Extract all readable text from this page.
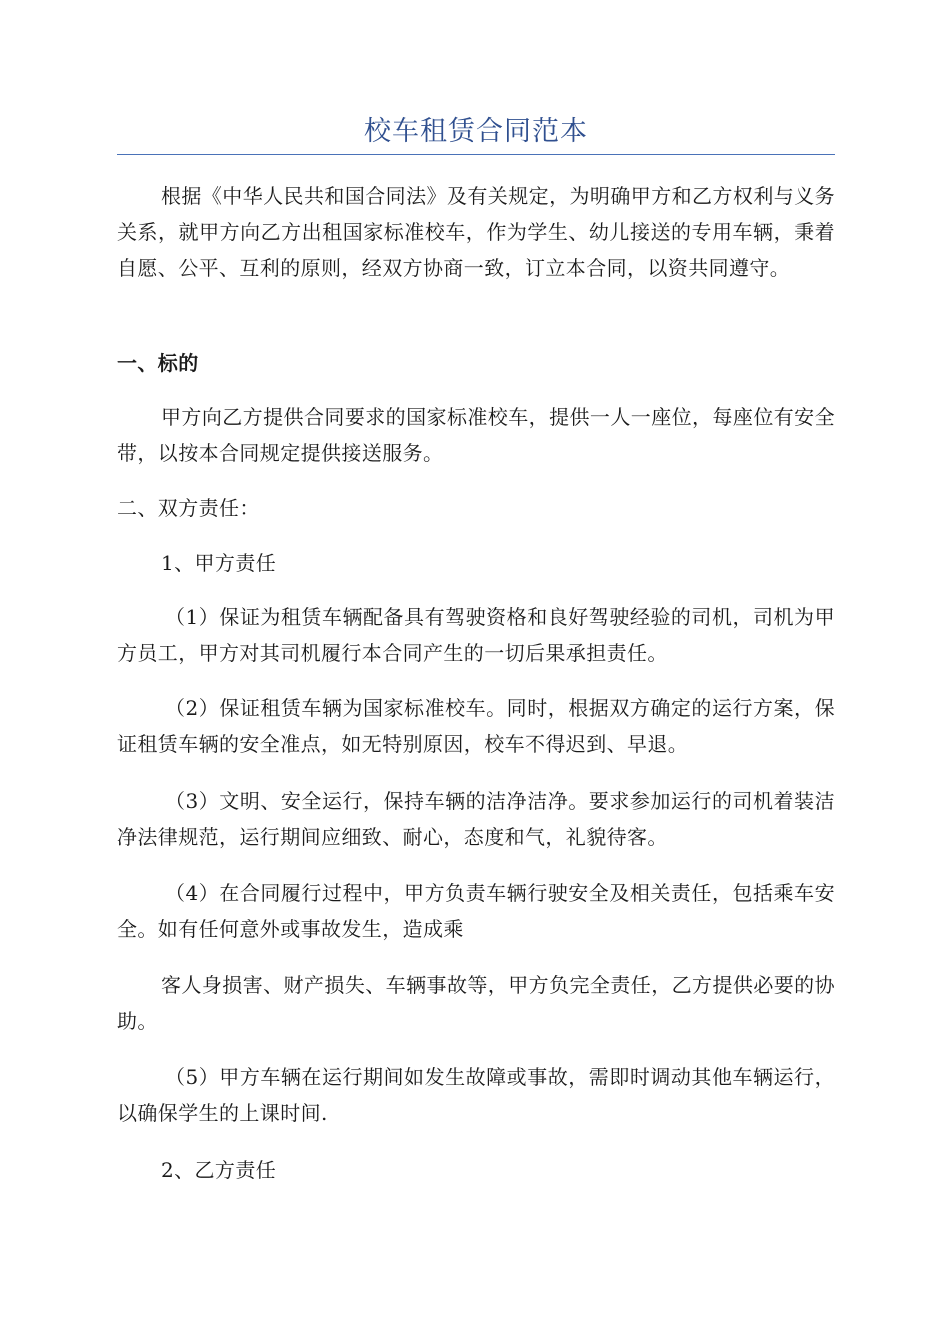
校车租赁合同范本

根据《中华人民共和国合同法》及有关规定，为明确甲方和乙方权利与义务关系，就甲方向乙方出租国家标准校车，作为学生、幼儿接送的专用车辆，秉着自愿、公平、互利的原则，经双方协商一致，订立本合同，以资共同遵守。

一、标的

甲方向乙方提供合同要求的国家标准校车，提供一人一座位，每座位有安全带，以按本合同规定提供接送服务。

二、双方责任：

1、甲方责任

（1）保证为租赁车辆配备具有驾驶资格和良好驾驶经验的司机，司机为甲方员工，甲方对其司机履行本合同产生的一切后果承担责任。

（2）保证租赁车辆为国家标准校车。同时，根据双方确定的运行方案，保证租赁车辆的安全准点，如无特别原因，校车不得迟到、早退。

（3）文明、安全运行，保持车辆的洁净洁净。要求参加运行的司机着装洁净法律规范，运行期间应细致、耐心，态度和气，礼貌待客。

（4）在合同履行过程中，甲方负责车辆行驶安全及相关责任，包括乘车安全。如有任何意外或事故发生，造成乘

客人身损害、财产损失、车辆事故等，甲方负完全责任，乙方提供必要的协助。

（5）甲方车辆在运行期间如发生故障或事故，需即时调动其他车辆运行，以确保学生的上课时间.

2、乙方责任
